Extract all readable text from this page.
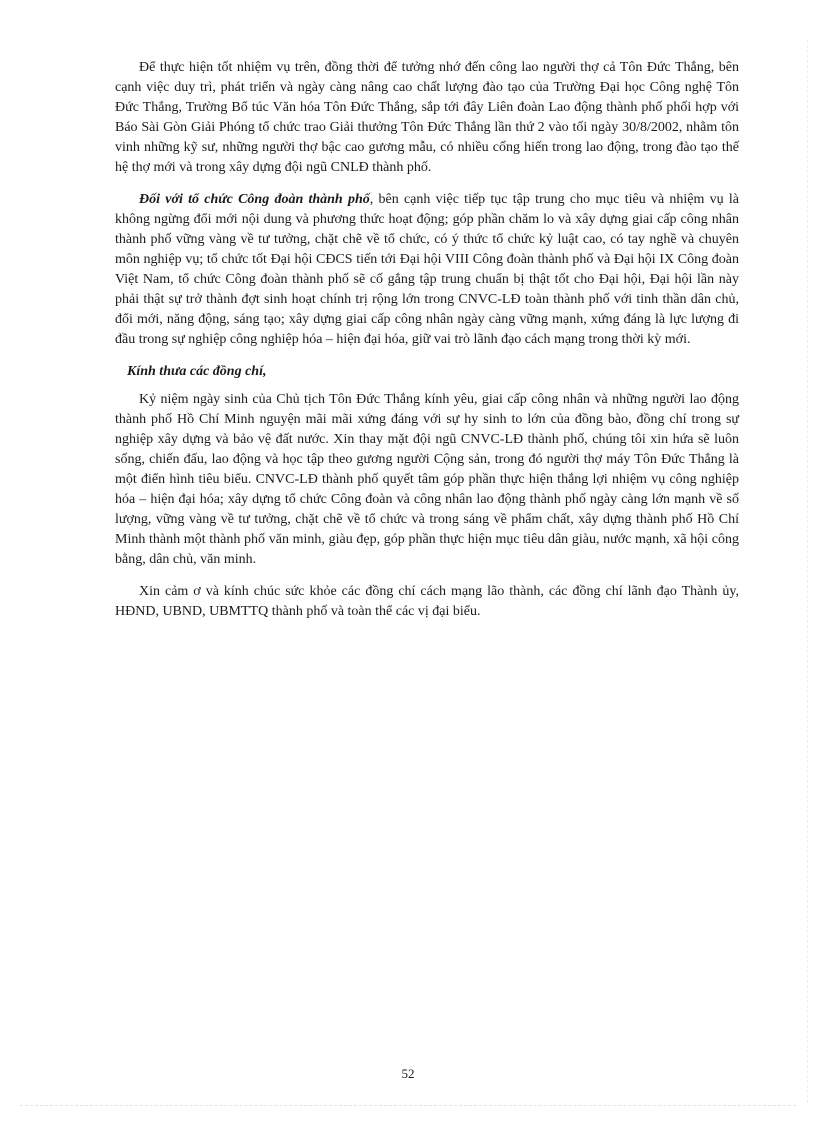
Để thực hiện tốt nhiệm vụ trên, đồng thời để tưởng nhớ đến công lao người thợ cả Tôn Đức Thắng, bên cạnh việc duy trì, phát triển và ngày càng nâng cao chất lượng đào tạo của Trường Đại học Công nghệ Tôn Đức Thắng, Trường Bổ túc Văn hóa Tôn Đức Thắng, sắp tới đây Liên đoàn Lao động thành phố phối hợp với Báo Sài Gòn Giải Phóng tổ chức trao Giải thưởng Tôn Đức Thắng lần thứ 2 vào tối ngày 30/8/2002, nhằm tôn vinh những kỹ sư, những người thợ bậc cao gương mẫu, có nhiều cống hiến trong lao động, trong đào tạo thế hệ thợ mới và trong xây dựng đội ngũ CNLĐ thành phố.

Đối với tổ chức Công đoàn thành phố, bên cạnh việc tiếp tục tập trung cho mục tiêu và nhiệm vụ là không ngừng đổi mới nội dung và phương thức hoạt động; góp phần chăm lo và xây dựng giai cấp công nhân thành phố vững vàng về tư tưởng, chặt chẽ về tổ chức, có ý thức tổ chức kỷ luật cao, có tay nghề và chuyên môn nghiệp vụ; tổ chức tốt Đại hội CĐCS tiến tới Đại hội VIII Công đoàn thành phố và Đại hội IX Công đoàn Việt Nam, tổ chức Công đoàn thành phố sẽ cố gắng tập trung chuẩn bị thật tốt cho Đại hội, Đại hội lần này phải thật sự trở thành đợt sinh hoạt chính trị rộng lớn trong CNVC-LĐ toàn thành phố với tinh thần dân chủ, đổi mới, năng động, sáng tạo; xây dựng giai cấp công nhân ngày càng vững mạnh, xứng đáng là lực lượng đi đầu trong sự nghiệp công nghiệp hóa – hiện đại hóa, giữ vai trò lãnh đạo cách mạng trong thời kỳ mới.

Kính thưa các đồng chí,

Kỷ niệm ngày sinh của Chủ tịch Tôn Đức Thắng kính yêu, giai cấp công nhân và những người lao động thành phố Hồ Chí Minh nguyện mãi mãi xứng đáng với sự hy sinh to lớn của đồng bào, đồng chí trong sự nghiệp xây dựng và bảo vệ đất nước. Xin thay mặt đội ngũ CNVC-LĐ thành phố, chúng tôi xin hứa sẽ luôn sống, chiến đấu, lao động và học tập theo gương người Cộng sản, trong đó người thợ máy Tôn Đức Thắng là một điển hình tiêu biểu. CNVC-LĐ thành phố quyết tâm góp phần thực hiện thắng lợi nhiệm vụ công nghiệp hóa – hiện đại hóa; xây dựng tổ chức Công đoàn và công nhân lao động thành phố ngày càng lớn mạnh về số lượng, vững vàng về tư tưởng, chặt chẽ về tổ chức và trong sáng về phẩm chất, xây dựng thành phố Hồ Chí Minh thành một thành phố văn minh, giàu đẹp, góp phần thực hiện mục tiêu dân giàu, nước mạnh, xã hội công bằng, dân chủ, văn minh.

Xin cảm ơ và kính chúc sức khỏe các đồng chí cách mạng lão thành, các đồng chí lãnh đạo Thành ủy, HĐND, UBND, UBMTTQ thành phố và toàn thể các vị đại biểu.

52
